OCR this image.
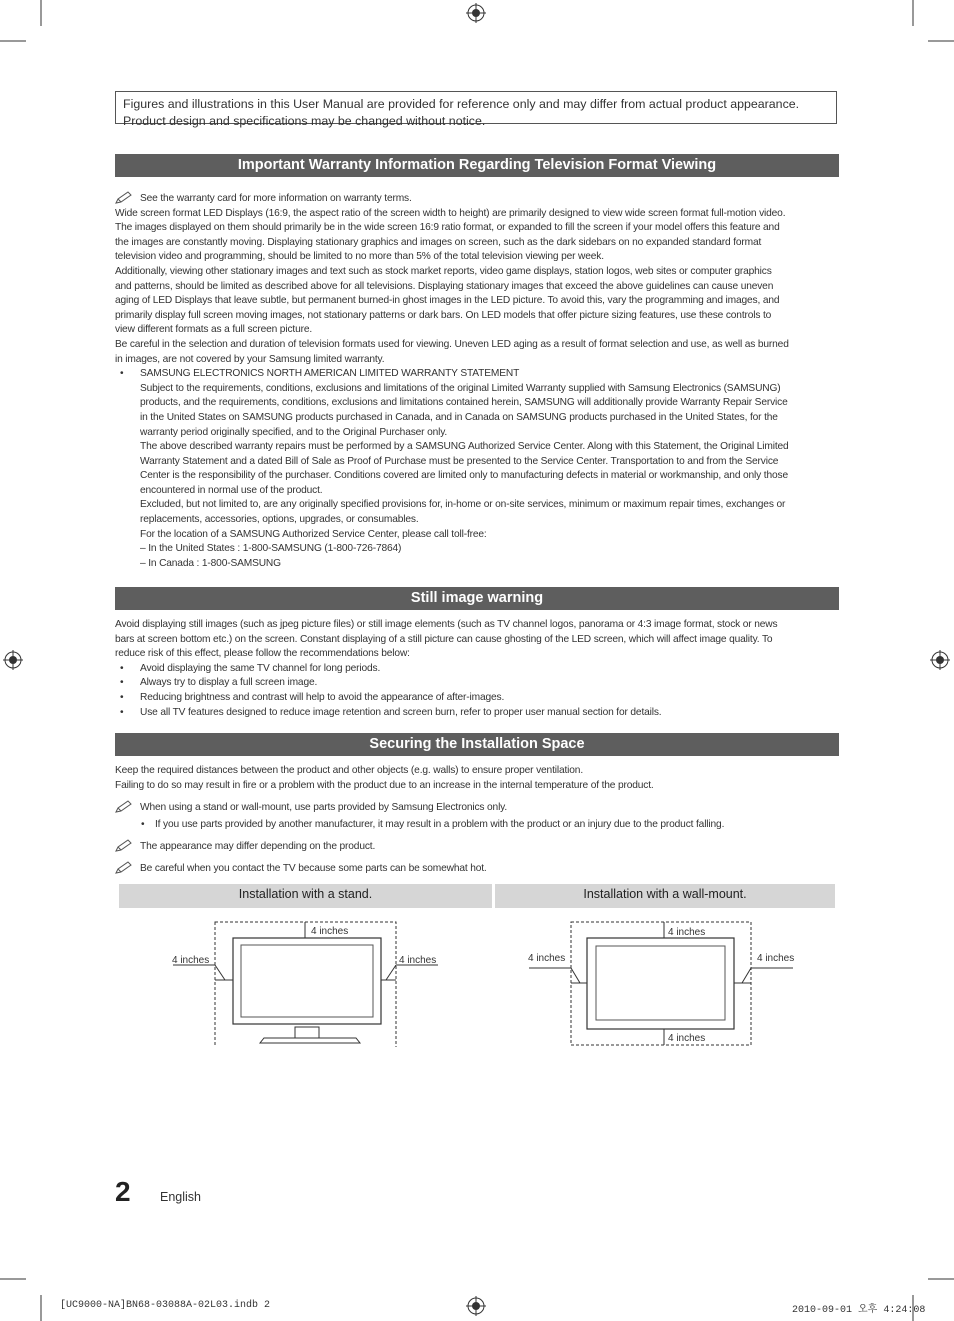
Figures and illustrations in this User Manual are provided for reference only and may differ from actual product appearance.
Product design and specifications may be changed without notice.
Important Warranty Information Regarding Television Format Viewing
See the warranty card for more information on warranty terms.
Wide screen format LED Displays (16:9, the aspect ratio of the screen width to height) are primarily designed to view wide screen format full-motion video.
The images displayed on them should primarily be in the wide screen 16:9 ratio format, or expanded to fill the screen if your model offers this feature and
the images are constantly moving. Displaying stationary graphics and images on screen, such as the dark sidebars on no expanded standard format
television video and programming, should be limited to no more than 5% of the total television viewing per week.
Additionally, viewing other stationary images and text such as stock market reports, video game displays, station logos, web sites or computer graphics
and patterns, should be limited as described above for all televisions. Displaying stationary images that exceed the above guidelines can cause uneven
aging of LED Displays that leave subtle, but permanent burned-in ghost images in the LED picture. To avoid this, vary the programming and images, and
primarily display full screen moving images, not stationary patterns or dark bars. On LED models that offer picture sizing features, use these controls to
view different formats as a full screen picture.
Be careful in the selection and duration of television formats used for viewing. Uneven LED aging as a result of format selection and use, as well as burned
in images, are not covered by your Samsung limited warranty.
• SAMSUNG ELECTRONICS NORTH AMERICAN LIMITED WARRANTY STATEMENT
Subject to the requirements, conditions, exclusions and limitations of the original Limited Warranty supplied with Samsung Electronics (SAMSUNG)
products, and the requirements, conditions, exclusions and limitations contained herein, SAMSUNG will additionally provide Warranty Repair Service
in the United States on SAMSUNG products purchased in Canada, and in Canada on SAMSUNG products purchased in the United States, for the
warranty period originally specified, and to the Original Purchaser only.
The above described warranty repairs must be performed by a SAMSUNG Authorized Service Center. Along with this Statement, the Original Limited
Warranty Statement and a dated Bill of Sale as Proof of Purchase must be presented to the Service Center. Transportation to and from the Service
Center is the responsibility of the purchaser. Conditions covered are limited only to manufacturing defects in material or workmanship, and only those
encountered in normal use of the product.
Excluded, but not limited to, are any originally specified provisions for, in-home or on-site services, minimum or maximum repair times, exchanges or
replacements, accessories, options, upgrades, or consumables.
For the location of a SAMSUNG Authorized Service Center, please call toll-free:
– In the United States : 1-800-SAMSUNG (1-800-726-7864)
– In Canada : 1-800-SAMSUNG
Still image warning
Avoid displaying still images (such as jpeg picture files) or still image elements (such as TV channel logos, panorama or 4:3 image format, stock or news
bars at screen bottom etc.) on the screen. Constant displaying of a still picture can cause ghosting of the LED screen, which will affect image quality. To
reduce risk of this effect, please follow the recommendations below:
• Avoid displaying the same TV channel for long periods.
• Always try to display a full screen image.
• Reducing brightness and contrast will help to avoid the appearance of after-images.
• Use all TV features designed to reduce image retention and screen burn, refer to proper user manual section for details.
Securing the Installation Space
Keep the required distances between the product and other objects (e.g. walls) to ensure proper ventilation.
Failing to do so may result in fire or a problem with the product due to an increase in the internal temperature of the product.
When using a stand or wall-mount, use parts provided by Samsung Electronics only.
• If you use parts provided by another manufacturer, it may result in a problem with the product or an injury due to the product falling.
The appearance may differ depending on the product.
Be careful when you contact the TV because some parts can be somewhat hot.
Installation with a stand.	Installation with a wall-mount.
4 inches
4 inches	4 inches
4 inches
4 inches	4 inches
4 inches
2 English
[UC9000-NA]BN68-03088A-02L03.indb 2	2010-09-01 오후 4:24:08
